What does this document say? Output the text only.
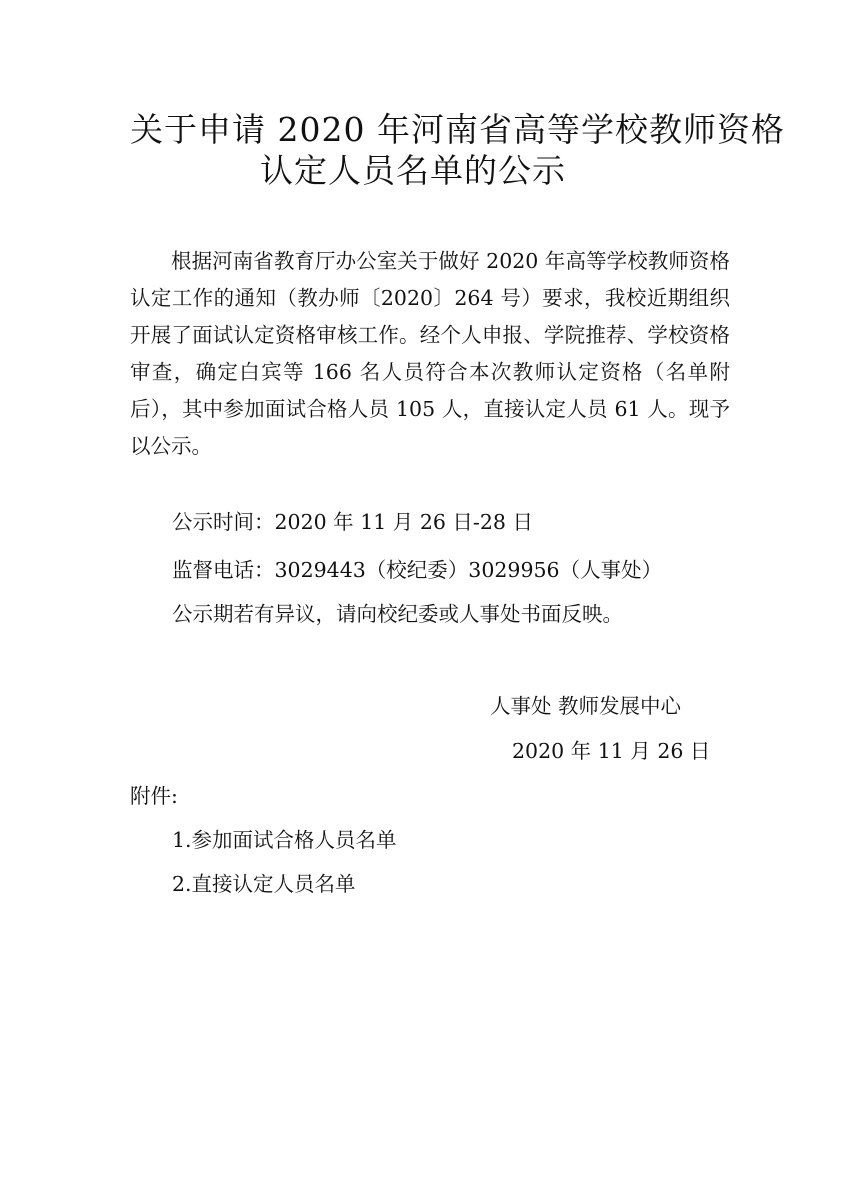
关于申请 2020 年河南省高等学校教师资格
认定人员名单的公示

根据河南省教育厅办公室关于做好 2020 年高等学校教师资格认定工作的通知（教办师〔2020〕264 号）要求，我校近期组织开展了面试认定资格审核工作。经个人申报、学院推荐、学校资格审查，确定白宾等 166 名人员符合本次教师认定资格（名单附后），其中参加面试合格人员 105 人，直接认定人员 61 人。现予以公示。

公示时间：2020 年 11 月 26 日-28 日
监督电话：3029443（校纪委）3029956（人事处）
公示期若有异议，请向校纪委或人事处书面反映。
人事处 教师发展中心
2020 年 11 月 26 日
附件:
1.参加面试合格人员名单
2.直接认定人员名单
